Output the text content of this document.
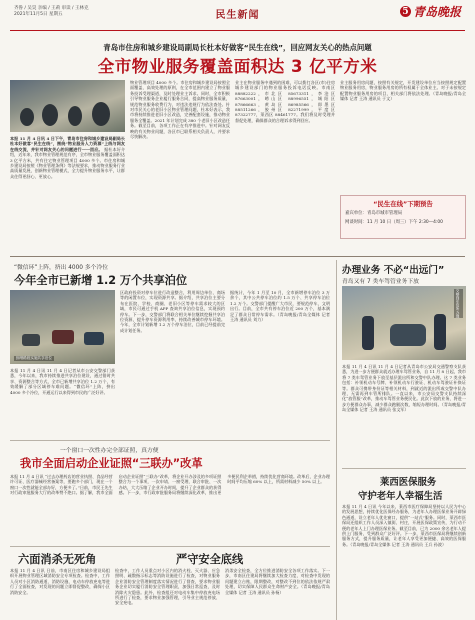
齐鲁 / 吴昊 亲编 / 王莉 审读 / 王林克
2021年11月5日 星期五	民生新闻	5 青岛晚报
青岛市住房和城乡建设局副局长杜本好做客“民生在线”，回应网友关心的热点问题
全市物业服务覆盖面积达 3 亿平方米
本报 11 月 4 日讯 4 日下午，青岛市住房和城乡建设局副局长杜本好做客“民生在线”，围绕“物业服务人力资源”上线与网友在线交流，并针对网友关心的问题进行一一回应。 据杜本好介绍，近年来，我市物业管理规范有序，全市物业服务覆盖面积达 3 亿平方米，共有住宅物业管理项目 4000 多个。市住房和城乡建设局按照《物业管理条例》等法规要求，推动物业服务行业高质量发展，创新物业管理模式，全力提升物业服务水平，让群众住得更舒心、更放心。
物业管理项目 4000 多个。市住房和城乡建设局按照全面覆盖、高效处理的原则，在全市范围内建立了物业服务投诉受理渠道，及时处理业主诉求。同时，全市积极引导物业服务企业履行服务合同，提高物业服务质量，规范物业服务收费行为，对违法违规行为依法查处。针对市民关心的老旧小区物业管理问题，杜本好表示，我市将持续推进老旧小区改造，完善配套设施，推动物业服务全覆盖。2021 年计划完成 380 个老旧小区改造任务。截至目前，各项工作正在有序推进中。针对网友反映的有关物业问题，各区市已联系相关负责人，并要求尽快解决。
业主在物业服务中遇到的困难，可以拨打各区(市)住房城乡建设部门的物业服务投诉电话反映。市南区 88882222，市北区 85673311，李沧区 87663001，崂山区 88996551，城阳区 87866663，黄岛区 86985566，即墨区 88511266，胶州区 82271999，平度区 87322777，莱西区 88461777。我们将及时受理并督促处理，确保群众的合理诉求得到回应。
业主服务用房问题，按照有关规定，开发建设单位应当按照规定配置物业服务用房，物业服务用房的所有权属于全体业主。对于未按规定配置物业服务用房的项目，相关部门将依法处理。（青岛晚报/青岛全媒体 记者 王涛 通讯员 于文）
“民生在线”下期预告
嘉宾单位：青岛市城市管理局
网谈时间：11 月 10 日（周三）下午 2:30—4:00
“微信环”上阵，挤出 4000 多个冷位
今年全市已新增 1.2 万个共享泊位
拥堵路段实施共享泊位
本报 11 月 4 日讯 11 月 4 日记者从市公安交警部门获悉，今年以来，我市持续推进共享泊位建设，通过错时共享、资源整合等方式，全市已新增共享泊位 1.2 万个，有效缓解了部分区域停车难问题。“微信环”上阵，挤出 4000 多个冷位，开通运行以来得到市民的广泛好评。
区政府投资对停车位进行改造整合，利用周边单位、商场等的闲置车位，实现资源共享。据介绍，共享泊位主要分布在医院、学校、商圈、老旧小区等停车需求较大的区域，市民可通过手机 APP 查询共享泊位信息，实现预约停车。下一步，交警部门将联合相关单位继续挖掘共享泊位资源，提升停车资源利用率，持续改善城市停车环境。今年，全市计划新增 1.2 万个停车泊位，目前已经提前完成计划任务。
据统计，今年 1 月至 10 月，全市新增停车泊位 3 万余个，其中公共停车泊位约 1.5 万个、共享停车泊位 1.2 万个。交警部门提醒广大市民，要规范停车，文明出行。目前，全市共有停车泊位近 200 万个，基本满足了群众日常停车需求。（青岛晚报/青岛全媒体 记者 王涛 通讯员 刘力）
办理业务 不必“出远门”
青岛又有 7 类车驾管业务下放
交警到车管所办理
本报 11 月 4 日讯 11 月 4 日记者从青岛市公安局交通警察支队获悉，为进一步方便群众就近办理车驾管业务，自 11 月 8 日起，我市将 7 类车驾管业务下放至基层派出所和交警中队办理。这 7 类业务包括：补领机动车号牌、补领机动车行驶证、机动车驾驶证补换证等。群众可携带身份证等相关材料，到就近的派出所或交警中队办理，无需再到车管所排队。一直以来，市公安局交警支队持续深化“放管服”改革，推动车驾管业务便民化。此次下放的业务，将进一步方便群众办事，减少群众跑腿次数，缩短办理时间。（青岛晚报/青岛全媒体 记者 王涛 通讯员 张文军）
一个窗口一次性办完全部证照，真方便
我市全面启动企业证照“三联办”改革
本报 11 月 4 日讯 “过去办理药店的营业执照、食品经营许可证、医疗器械经营备案等，要跑多个部门，现在一个窗口一次性就能全部办好，方便多了。”日前，市民王先生对行政审批服务大厅的改革赞不绝口。据了解，我市全面启动企业证照“三联办”改革，将企业开办涉及的多项证照整合为一个事项，一次申请、一窗受理、联合审批、一次办结，大大压缩了企业开办时间，提升了企业群众的获得感。下一步，市行政审批服务局将继续深化改革，推出更多便民利企举措，持续优化营商环境。改革后，企业办理时间平均压缩 60% 以上，所需材料减少 50% 以上。	莱西医保服务
守护老年人幸福生活
本报 11 月 4 日讯 今年以来，莱西市医疗保障局坚持以人民为中心的发展思想，持续优化医保经办服务，为老年人办理医保业务开辟绿色通道，设立老年人优先窗口，提供“一站式”服务。同时，莱西市医保局还组织工作人员深入镇街、村庄，开展医保政策宣传，为行动不便的老年人上门办理医保业务。截至目前，已为 2000 余名老年人提供上门服务，受到群众广泛好评。下一步，莱西市医保局将继续创新服务方式，提升服务质量，让老年人享受更加便捷、高效的医保服务。（青岛晚报/青岛全媒体 记者 王涛 通讯员 王兵 孙波）
六面消杀无死角	严守安全底线
本报 11 月 4 日讯 日前，市南区住房和城乡建设局组织开展物业管理区域消防安全专项检查。检查中，工作人员对小区消防通道、消防设施、电动车停放充电等进行了全面检查，对发现的问题立即督促整改，确保小区消防安全。
检查中，工作人员重点对小区内的消火栓、灭火器、应急照明、疏散指示标志等消防设施进行了检查，对物业服务企业消防安全管理制度落实情况进行了督查，要求物业服务企业切实履行消防安全管理职责，加强日常巡查，及时消除火灾隐患。此外，检查组还对电动车集中停放充电场所进行了检查，要求物业加强管理，引导业主规范停放、安全充电。
消杀安全检查，全方位推进消防安全各项工作落实。下一步，市南区住建局将继续加大检查力度，对检查中发现的问题建立台账，限期整改，对整改不到位的依法依规严肃处理，切实保障人民群众生命财产安全。（青岛晚报/青岛全媒体 记者 王涛 通讯员 孙杨）
